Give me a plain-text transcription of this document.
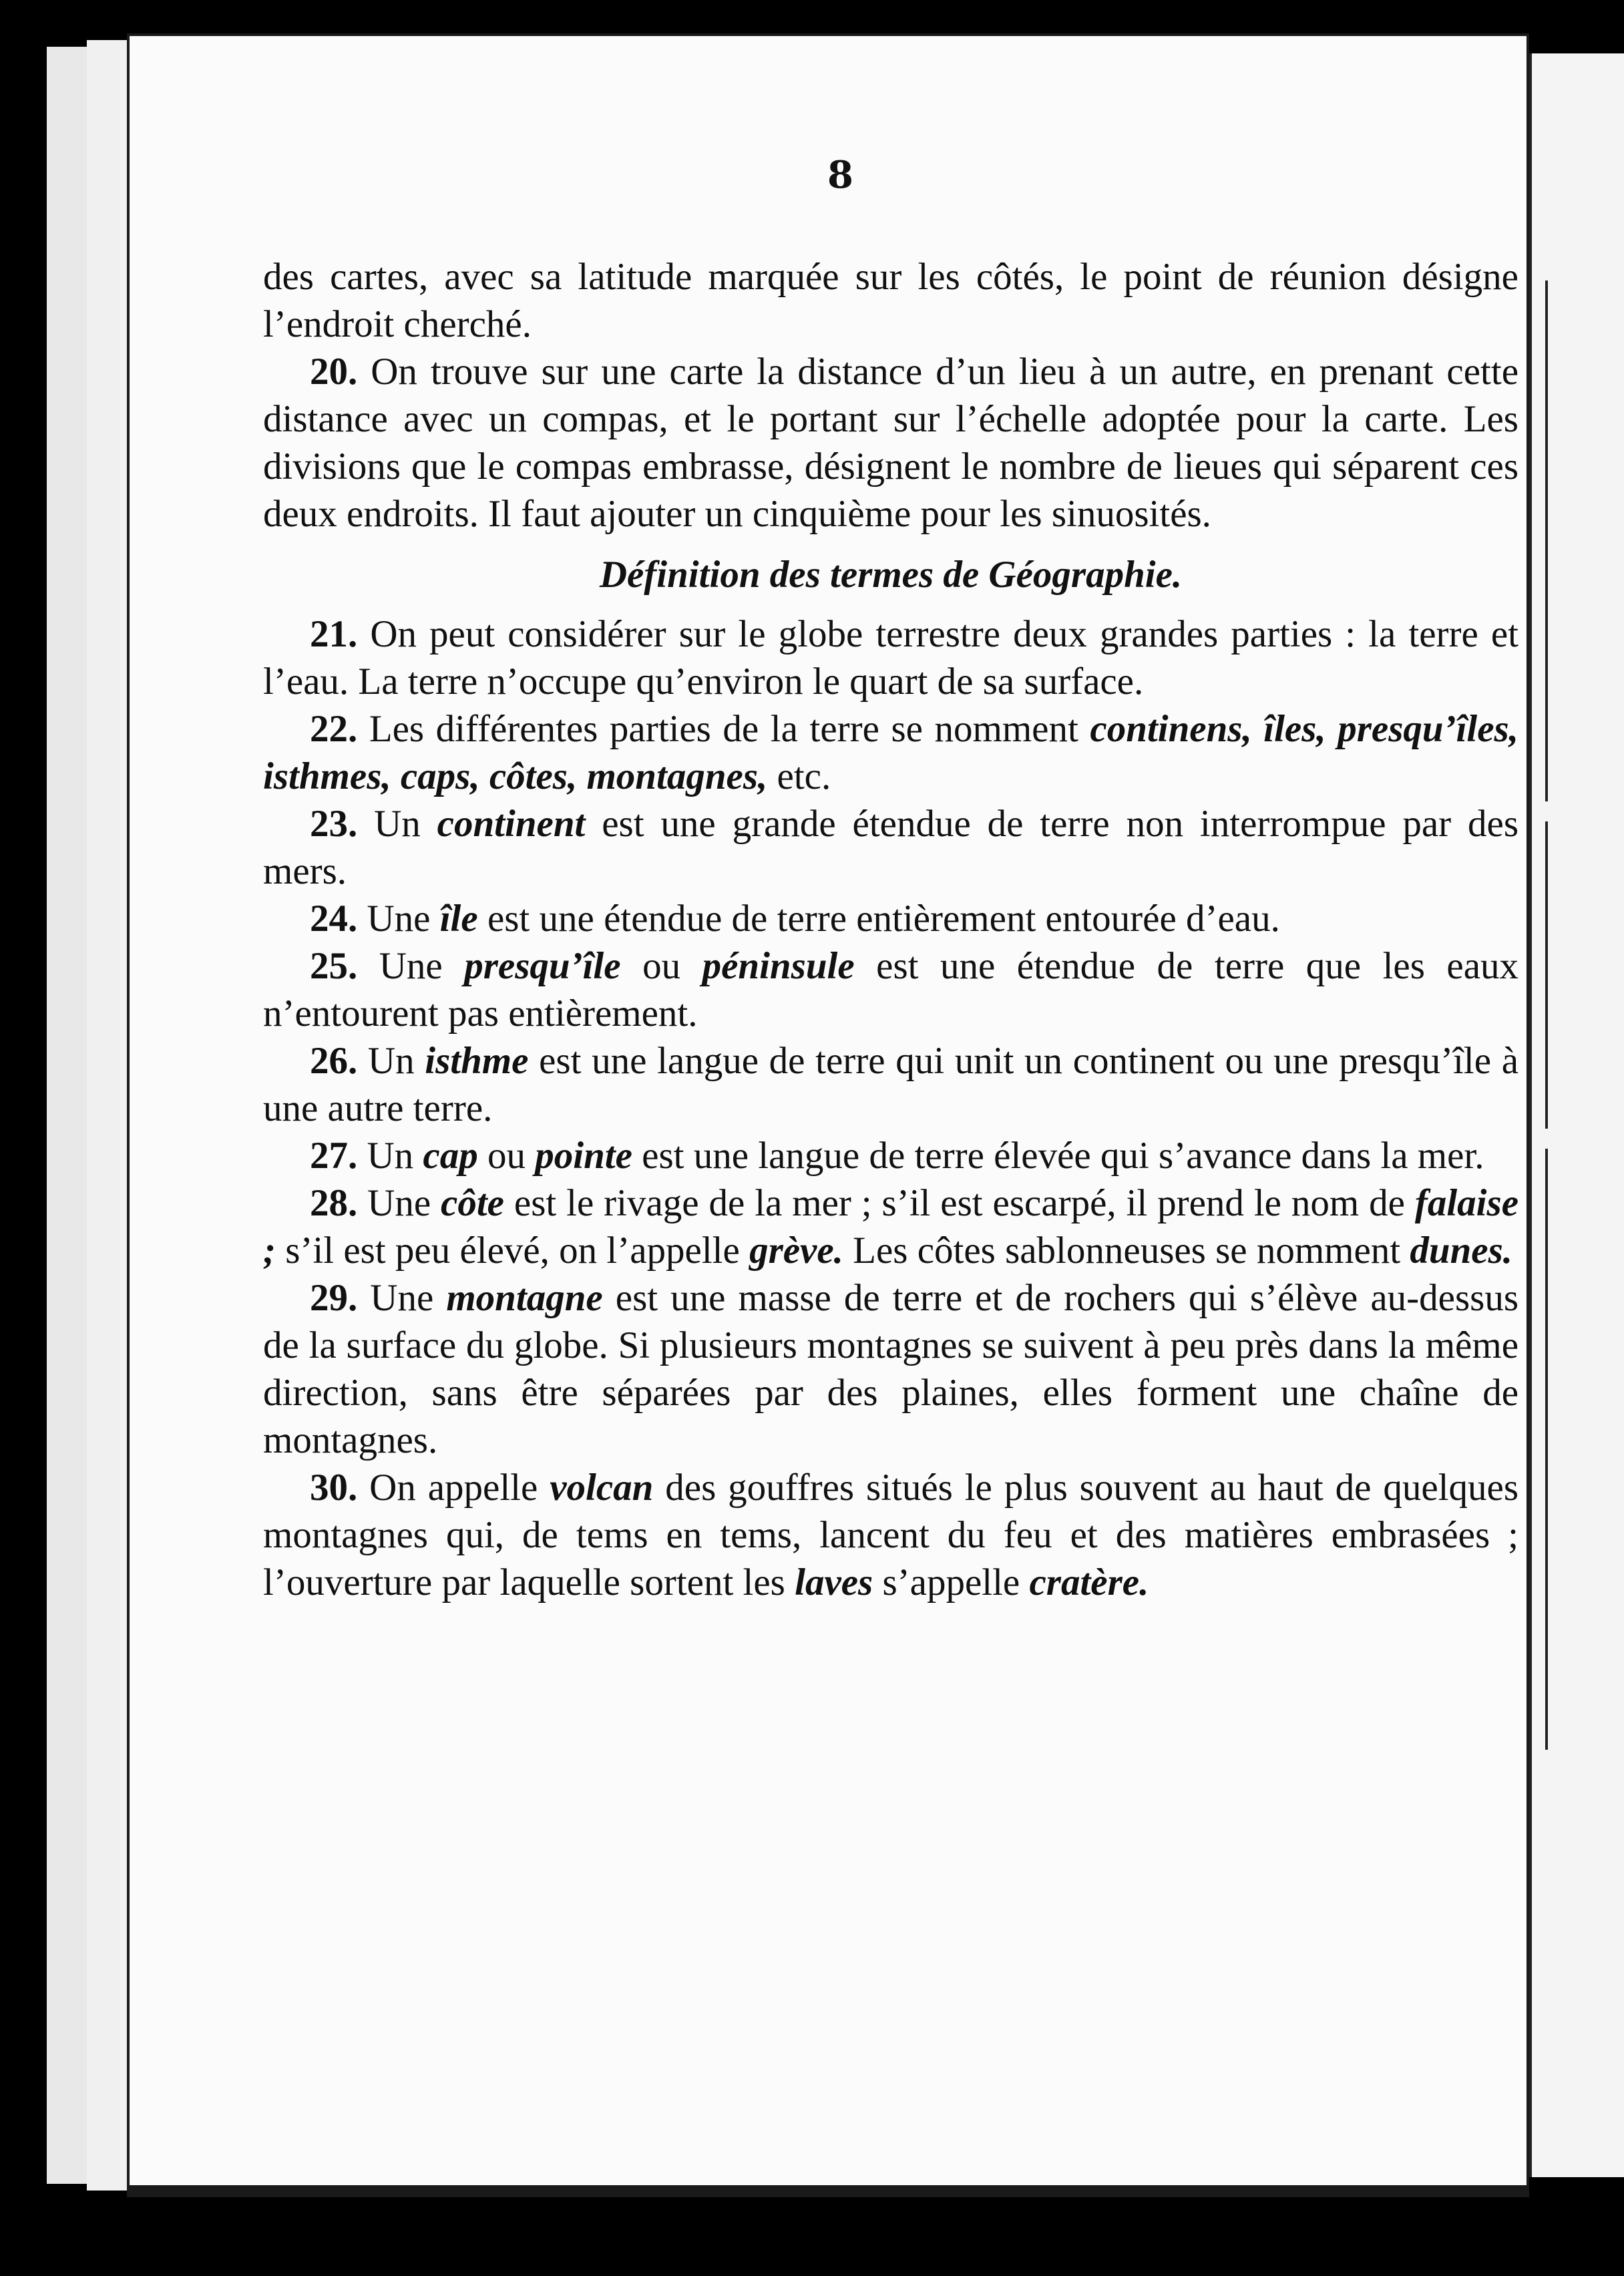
8

des cartes, avec sa latitude marquée sur les côtés, le point de réunion désigne l’endroit cherché.

20. On trouve sur une carte la distance d’un lieu à un autre, en prenant cette distance avec un compas, et le portant sur l’échelle adoptée pour la carte. Les divisions que le compas embrasse, désignent le nombre de lieues qui séparent ces deux endroits. Il faut ajouter un cinquième pour les sinuosités.

Définition des termes de Géographie.

21. On peut considérer sur le globe terrestre deux grandes parties : la terre et l’eau. La terre n’occupe qu’environ le quart de sa surface.

22. Les différentes parties de la terre se nomment continens, îles, presqu’îles, isthmes, caps, côtes, montagnes, etc.

23. Un continent est une grande étendue de terre non interrompue par des mers.

24. Une île est une étendue de terre entièrement entourée d’eau.

25. Une presqu’île ou péninsule est une étendue de terre que les eaux n’entourent pas entièrement.

26. Un isthme est une langue de terre qui unit un continent ou une presqu’île à une autre terre.

27. Un cap ou pointe est une langue de terre élevée qui s’avance dans la mer.

28. Une côte est le rivage de la mer ; s’il est escarpé, il prend le nom de falaise ; s’il est peu élevé, on l’appelle grève. Les côtes sablonneuses se nomment dunes.

29. Une montagne est une masse de terre et de rochers qui s’élève au-dessus de la surface du globe. Si plusieurs montagnes se suivent à peu près dans la même direction, sans être séparées par des plaines, elles forment une chaîne de montagnes.

30. On appelle volcan des gouffres situés le plus souvent au haut de quelques montagnes qui, de tems en tems, lancent du feu et des matières embrasées ; l’ouverture par laquelle sortent les laves s’appelle cratère.
